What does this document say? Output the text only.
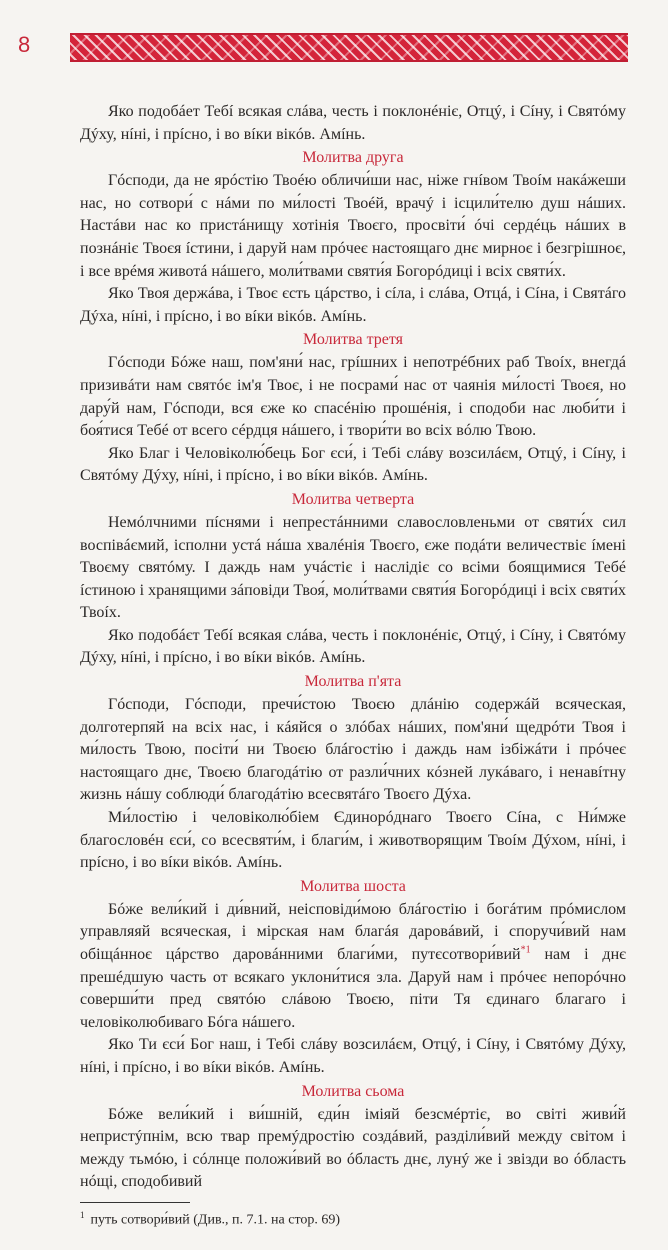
8

Яко подобáет Тебí всякая слáва, честь і поклонéніє, Отцý, і Сíну, і Святóму Дýху, нíні, і прíсно, і во вíки вікóв. Амíнь.

Молитва друга

Гóсподи, да не ярóстію Твоéю обличи́ши нас, ніже гнíвом Твоíм накáжеши нас, но сотвори́ с нáми по ми́лості Твоéй, врачý і ісцили́телю душ нáших. Настáви нас ко пристáнищу хотінія Твоєго, просвіти́ óчі сердéць нáших в познáніє Твоєя íстини, і даруй нам прóчеє настоящаго днє мирноє і безгрішноє, і все врéмя животá нáшего, моли́твами святи́я Богорóдиці і всіх святи́х.

Яко Твоя держáва, і Твоє єсть цáрство, і сíла, і слáва, Отцá, і Сíна, і Святáго Дýха, нíні, і прíсно, і во вíки вікóв. Амíнь.

Молитва третя

Гóсподи Бóже наш, пом'яни́ нас, грíшних і непотрéбних раб Твоíх, внегдá призивáти нам святóє ім'я Твоє, і не посрами́ нас от чаянія ми́лості Твоєя, но дару́й нам, Гóсподи, вся єже ко спасéнію прошéнія, і сподоби нас люби́ти і боя́тися Тебé от всего сéрдця нáшего, і твори́ти во всіх вóлю Твою.

Яко Благ і Человіколю́бець Бог єси́, і Тебі слáву возсилáєм, Отцý, і Сíну, і Святóму Дýху, нíні, і прíсно, і во вíки вікóв. Амíнь.

Молитва четверта

Немóлчними пíснями і непрестáнними славословленьми от святи́х сил воспівáємий, ісполни устá нáша хвалéнія Твоєго, єже подáти величествіє íмені Твоєму святóму. І даждь нам учáстіє і наслідіє со всіми боящимися Тебé íстиною і хранящими зáповіди Твоя́, моли́твами святи́я Богорóдиці і всіх святи́х Твоíх.

Яко подобáєт Тебí всякая слáва, честь і поклонéніє, Отцý, і Сíну, і Святóму Дýху, нíні, і прíсно, і во вíки вікóв. Амíнь.

Молитва п'ята

Гóсподи, Гóсподи, пречи́стою Твоєю длáнію содержáй всяческая, долготерпяй на всіх нас, і кáяйся о злóбах нáших, пом'яни́ щедрóти Твоя і ми́лость Твою, посіти́ ни Твоєю блáгостію і даждь нам ізбіжáти і прóчеє настоящаго днє, Твоєю благодáтію от разли́чних кóзней лукáваго, і ненавíтну жизнь нáшу соблюди́ благодáтію всесвятáго Твоєго Дýха.

Ми́лостію і человіколю́біем Єдинорóднаго Твоєго Сíна, с Ни́мже благословéн єси́, со всесвяти́м, і благи́м, і животворящим Твоíм Дýхом, нíні, і прíсно, і во вíки вікóв. Амíнь.

Молитва шоста

Бóже вели́кий і ди́вний, неісповіди́мою блáгостію і богáтим прóмислом управляяй всяческая, і мірская нам благáя даровáвий, і споручи́вий нам обіщáнноє цáрство даровáнними благи́ми, путєсотвори́вий$^{*1}$ нам і днє прешéдшую часть от всякаго уклони́тися зла. Даруй нам і прóчеє непорóчно соверши́ти пред святóю слáвою Твоєю, піти Тя єдинаго благаго і человіколюбиваго Бóга нáшего.

Яко Ти єси́ Бог наш, і Тебі слáву возсилáєм, Отцý, і Сíну, і Святóму Дýху, нíні, і прíсно, і во вíки вікóв. Амíнь.

Молитва сьома

Бóже вели́кий і ви́шній, єди́н іміяй безсмéртіє, во світі живи́й непристýпнім, всю твар премýдростію создáвий, разділи́вий между світом і между тьмóю, і сóлнце положи́вий во óбласть днє, лунý же і звізди во óбласть нóщі, сподобивий

$^1$ путь сотвори́вий (Див., п. 7.1. на стор. 69)
